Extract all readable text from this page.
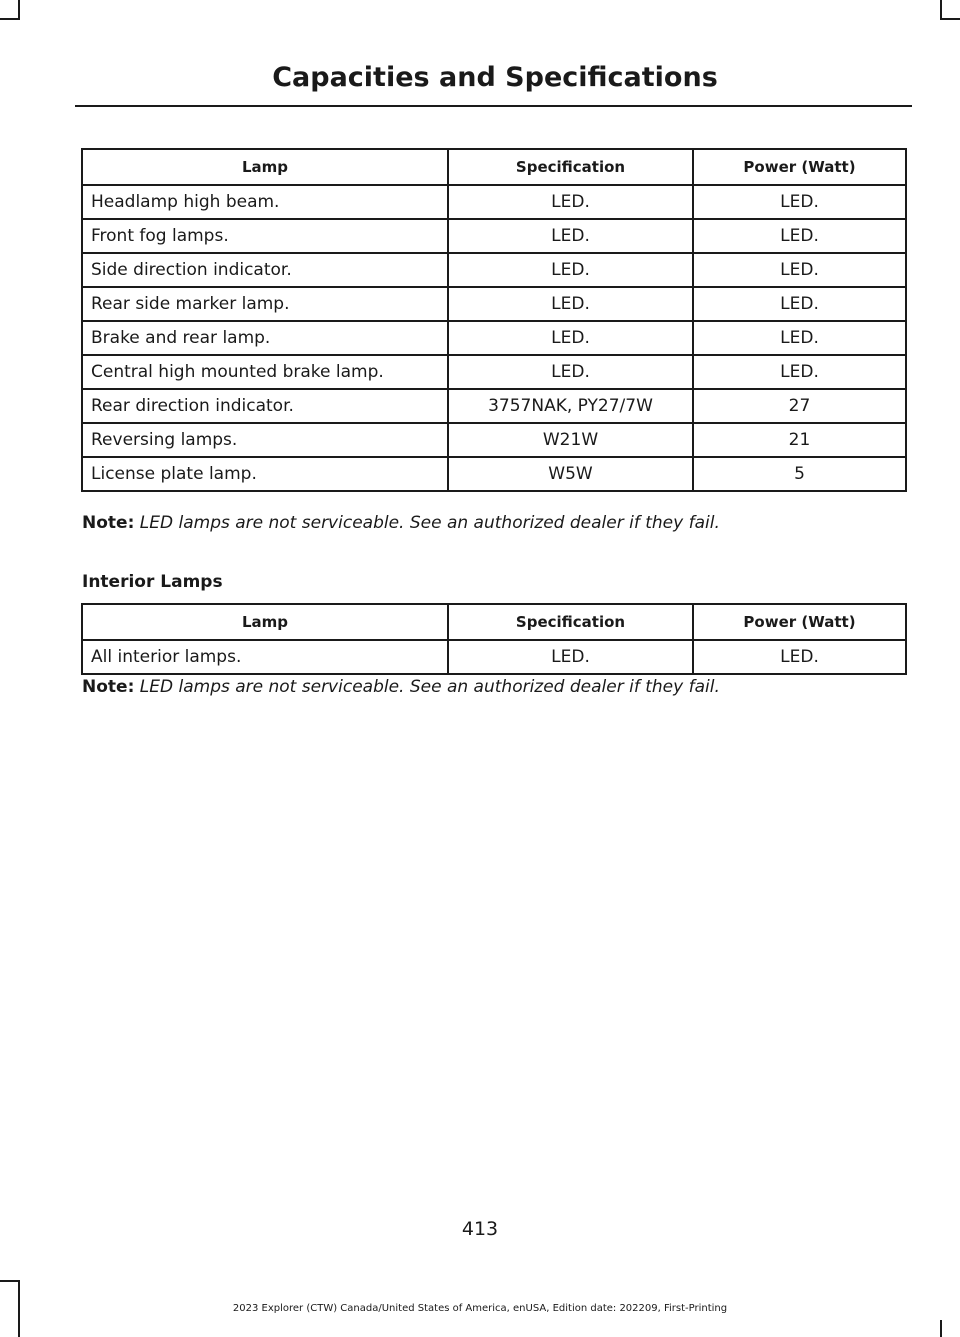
Capacities and Specifications
Lamp	Specification	Power (Watt)
Headlamp high beam.	LED.	LED.
Front fog lamps.	LED.	LED.
Side direction indicator.	LED.	LED.
Rear side marker lamp.	LED.	LED.
Brake and rear lamp.	LED.	LED.
Central high mounted brake lamp.	LED.	LED.
Rear direction indicator.	3757NAK, PY27/7W	27
Reversing lamps.	W21W	21
License plate lamp.	W5W	5
Note: LED lamps are not serviceable. See an authorized dealer if they fail.
Interior Lamps
Lamp	Specification	Power (Watt)
All interior lamps.	LED.	LED.
Note: LED lamps are not serviceable. See an authorized dealer if they fail.
413
2023 Explorer (CTW) Canada/United States of America, enUSA, Edition date: 202209, First-Printing
